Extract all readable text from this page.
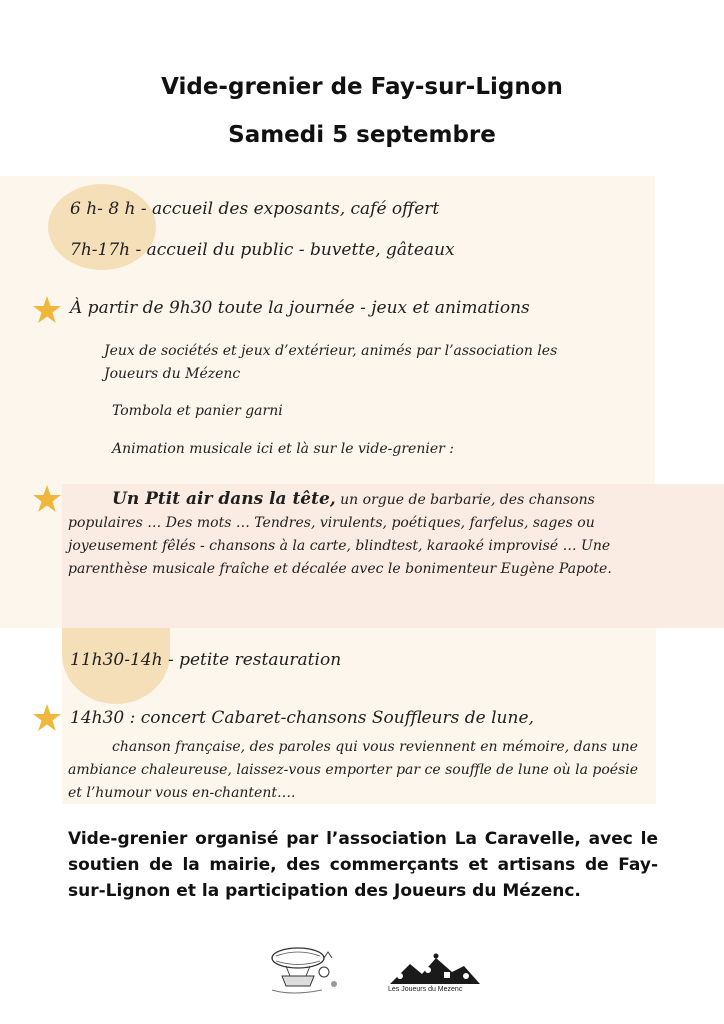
Vide-grenier de Fay-sur-Lignon
Samedi 5 septembre
6 h- 8 h - accueil des exposants, café offert
7h-17h - accueil du public - buvette, gâteaux
À partir de 9h30 toute la journée - jeux et animations
Jeux de sociétés et jeux d’extérieur, animés par l’association les
Joueurs du Mézenc
Tombola et panier garni
Animation musicale ici et là sur le vide-grenier :
Un Ptit air dans la tête, un orgue de barbarie, des chansons populaires … Des mots … Tendres, virulents, poétiques, farfelus, sages ou joyeusement fêlés - chansons à la carte, blindtest, karaoké improvisé … Une parenthèse musicale fraîche et décalée avec le bonimenteur Eugène Papote.
11h30-14h - petite restauration
14h30 : concert Cabaret-chansons Souffleurs de lune,
chanson française, des paroles qui vous reviennent en mémoire, dans une ambiance chaleureuse, laissez-vous emporter par ce souffle de lune où la poésie et l’humour vous en-chantent….
Vide-grenier organisé par l’association La Caravelle, avec le soutien de la mairie, des commerçants et artisans de Fay-sur-Lignon et la participation des Joueurs du Mézenc.
Les Joueurs du Mezenc
